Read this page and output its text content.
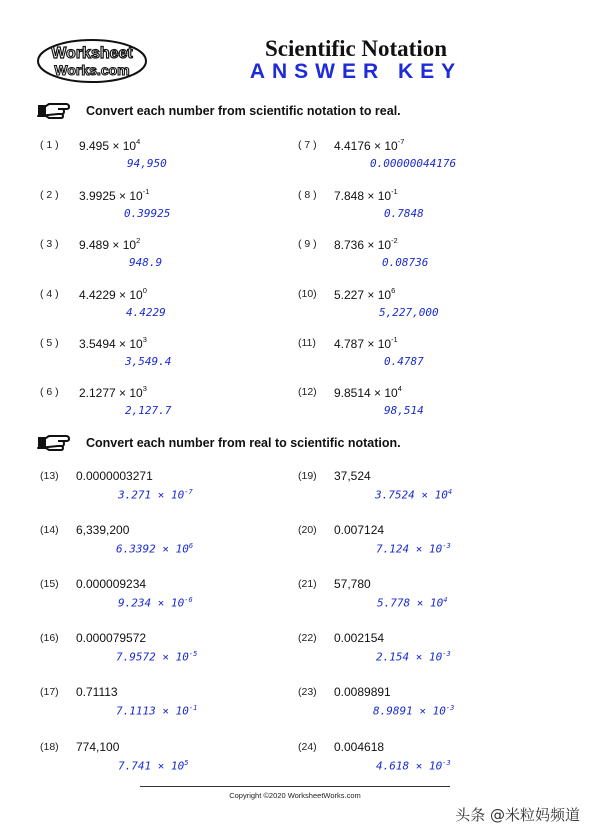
Worksheet
Works.com
Scientific Notation
ANSWER KEY
Convert each number from scientific notation to real.
Convert each number from real to scientific notation.
( 1 ) $9.495 \times 10^4$
94,950
( 2 ) $3.9925 \times 10^{-1}$
0.39925
( 3 ) $9.489 \times 10^2$
948.9
( 4 ) $4.4229 \times 10^0$
4.4229
( 5 ) $3.5494 \times 10^3$
3,549.4
( 6 ) $2.1277 \times 10^3$
2,127.7
( 7 ) $4.4176 \times 10^{-7}$
0.00000044176
( 8 ) $7.848 \times 10^{-1}$
0.7848
( 9 ) $8.736 \times 10^{-2}$
0.08736
(10) $5.227 \times 10^6$
5,227,000
(11) $4.787 \times 10^{-1}$
0.4787
(12) $9.8514 \times 10^4$
98,514
(13) 0.0000003271
$3.271 \times 10^{-7}$
(14) 6,339,200
$6.3392 \times 10^6$
(15) 0.000009234
$9.234 \times 10^{-6}$
(16) 0.000079572
$7.9572 \times 10^{-5}$
(17) 0.71113
$7.1113 \times 10^{-1}$
(18) 774,100
$7.741 \times 10^5$
(19) 37,524
$3.7524 \times 10^4$
(20) 0.007124
$7.124 \times 10^{-3}$
(21) 57,780
$5.778 \times 10^4$
(22) 0.002154
$2.154 \times 10^{-3}$
(23) 0.0089891
$8.9891 \times 10^{-3}$
(24) 0.004618
$4.618 \times 10^{-3}$
Copyright ©2020 WorksheetWorks.com
头条 @米粒妈频道
